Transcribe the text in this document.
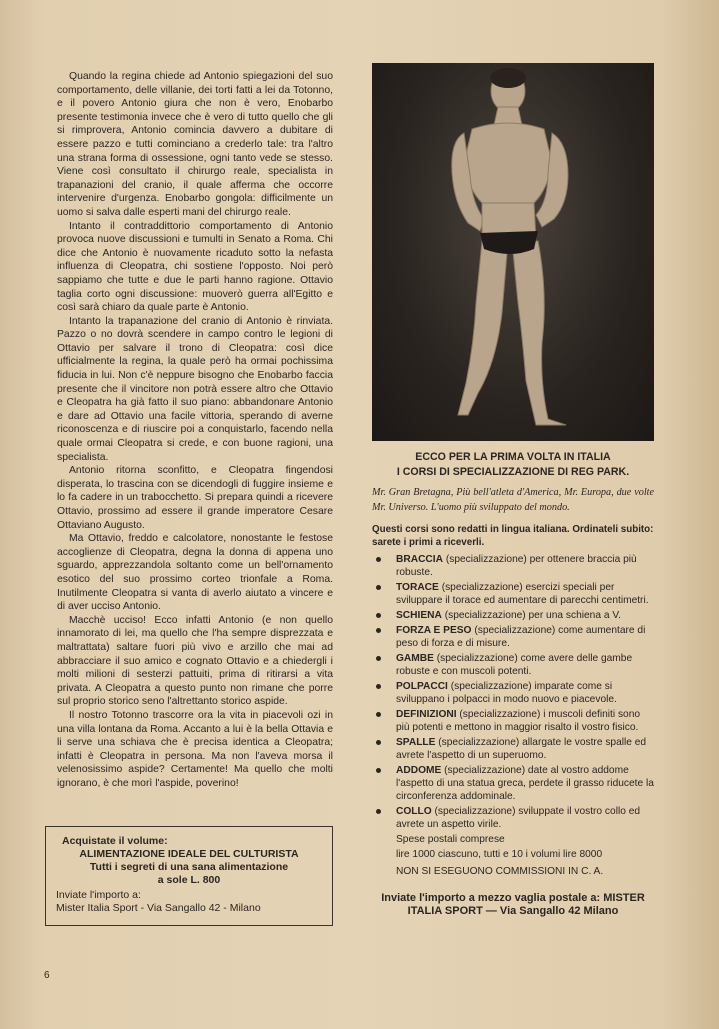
Quando la regina chiede ad Antonio spiegazioni del suo comportamento, delle villanie, dei torti fatti a lei da Totonno, e il povero Antonio giura che non è vero, Enobarbo presente testimonia invece che è vero di tutto quello che gli si rimprovera, Antonio comincia davvero a dubitare di essere pazzo e tutti cominciano a crederlo tale: tra l'altro una strana forma di ossessione, ogni tanto vede se stesso. Viene così consultato il chirurgo reale, specialista in trapanazioni del cranio, il quale afferma che occorre intervenire d'urgenza. Enobarbo gongola: difficilmente un uomo si salva dalle esperti mani del chirurgo reale.

Intanto il contraddittorio comportamento di Antonio provoca nuove discussioni e tumulti in Senato a Roma. Chi dice che Antonio è nuovamente ricaduto sotto la nefasta influenza di Cleopatra, chi sostiene l'opposto. Noi però sappiamo che tutte e due le parti hanno ragione. Ottavio taglia corto ogni discussione: muoverò guerra all'Egitto e così sarà chiaro da quale parte è Antonio.

Intanto la trapanazione del cranio di Antonio è rinviata. Pazzo o no dovrà scendere in campo contro le legioni di Ottavio per salvare il trono di Cleopatra: così dice ufficialmente la regina, la quale però ha ormai pochissima fiducia in lui. Non c'è neppure bisogno che Enobarbo faccia presente che il vincitore non potrà essere altro che Ottavio e Cleopatra ha già fatto il suo piano: abbandonare Antonio e dare ad Ottavio una facile vittoria, sperando di averne riconoscenza e di riuscire poi a conquistarlo, facendo nella quale ormai Cleopatra si crede, e con buone ragioni, una specialista.

Antonio ritorna sconfitto, e Cleopatra fingendosi disperata, lo trascina con se dicendogli di fuggire insieme e lo fa cadere in un trabocchetto. Si prepara quindi a ricevere Ottavio, prossimo ad essere il grande imperatore Cesare Ottaviano Augusto.

Ma Ottavio, freddo e calcolatore, nonostante le festose accoglienze di Cleopatra, degna la donna di appena uno sguardo, apprezzandola soltanto come un bell'ornamento esotico del suo prossimo corteo trionfale a Roma. Inutilmente Cleopatra si vanta di averlo aiutato a vincere e di aver ucciso Antonio.

Macchè ucciso! Ecco infatti Antonio (e non quello innamorato di lei, ma quello che l'ha sempre disprezzata e maltrattata) saltare fuori più vivo e arzillo che mai ad abbracciare il suo amico e cognato Ottavio e a chiedergli i molti milioni di sesterzi pattuiti, prima di ritirarsi a vita privata. A Cleopatra a questo punto non rimane che porre sul proprio storico seno l'altrettanto storico aspide.

Il nostro Totonno trascorre ora la vita in piacevoli ozi in una villa lontana da Roma. Accanto a lui è la bella Ottavia e li serve una schiava che è precisa identica a Cleopatra; infatti è Cleopatra in persona. Ma non l'aveva morsa il velenosissimo aspide? Certamente! Ma quello che molti ignorano, è che morì l'aspide, poverino!

Acquistate il volume:
ALIMENTAZIONE IDEALE DEL CULTURISTA
Tutti i segreti di una sana alimentazione
a sole L. 800
Inviate l'importo a:
Mister Italia Sport - Via Sangallo 42 - Milano
ECCO PER LA PRIMA VOLTA IN ITALIA
I CORSI DI SPECIALIZZAZIONE DI REG PARK.
Mr. Gran Bretagna, Più bell'atleta d'America, Mr. Europa, due volte Mr. Universo. L'uomo più sviluppato del mondo.
Questi corsi sono redatti in lingua italiana. Ordinateli subito: sarete i primi a riceverli.
BRACCIA (specializzazione) per ottenere braccia più robuste.
TORACE (specializzazione) esercizi speciali per sviluppare il torace ed aumentare di parecchi centimetri.
SCHIENA (specializzazione) per una schiena a V.
FORZA E PESO (specializzazione) come aumentare di peso di forza e di misure.
GAMBE (specializzazione) come avere delle gambe robuste e con muscoli potenti.
POLPACCI (specializzazione) imparate come si sviluppano i polpacci in modo nuovo e piacevole.
DEFINIZIONI (specializzazione) i muscoli definiti sono più potenti e mettono in maggior risalto il vostro fisico.
SPALLE (specializzazione) allargate le vostre spalle ed avrete l'aspetto di un superuomo.
ADDOME (specializzazione) date al vostro addome l'aspetto di una statua greca, perdete il grasso riducete la circonferenza addominale.
COLLO (specializzazione) sviluppate il vostro collo ed avrete un aspetto virile.
Spese postali comprese
lire 1000 ciascuno, tutti e 10 i volumi lire 8000
NON SI ESEGUONO COMMISSIONI IN C. A.
Inviate l'importo a mezzo vaglia postale a: MISTER ITALIA SPORT — Via Sangallo 42 Milano
6
